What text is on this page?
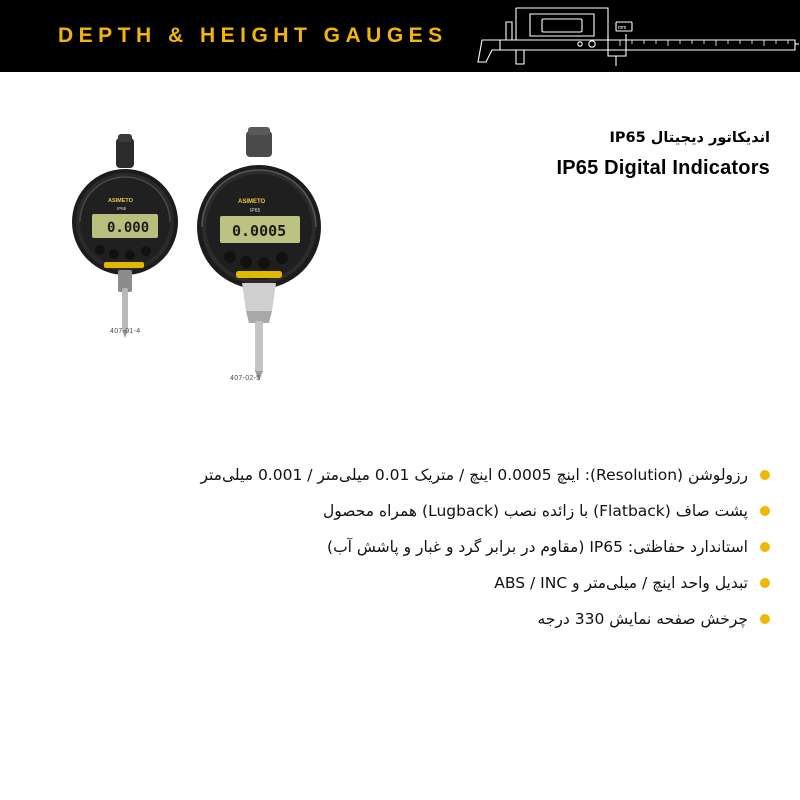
DEPTH & HEIGHT GAUGES	mm
اندیکاتور دیجیتال IP65
IP65 Digital Indicators
ASIMETO
IP65
0.000
ASIMETO
IP65
0.0005
407-01-4
407-02-5
رزولوشن (Resolution): اینچ 0.0005 اینچ / متریک 0.01 میلی‌متر / 0.001 میلی‌متر
پشت صاف (Flatback) با زائده نصب (Lugback) همراه محصول
استاندارد حفاظتی: IP65 (مقاوم در برابر گرد و غبار و پاشش آب)
تبدیل واحد اینچ / میلی‌متر و ABS / INC
چرخش صفحه نمایش 330 درجه
